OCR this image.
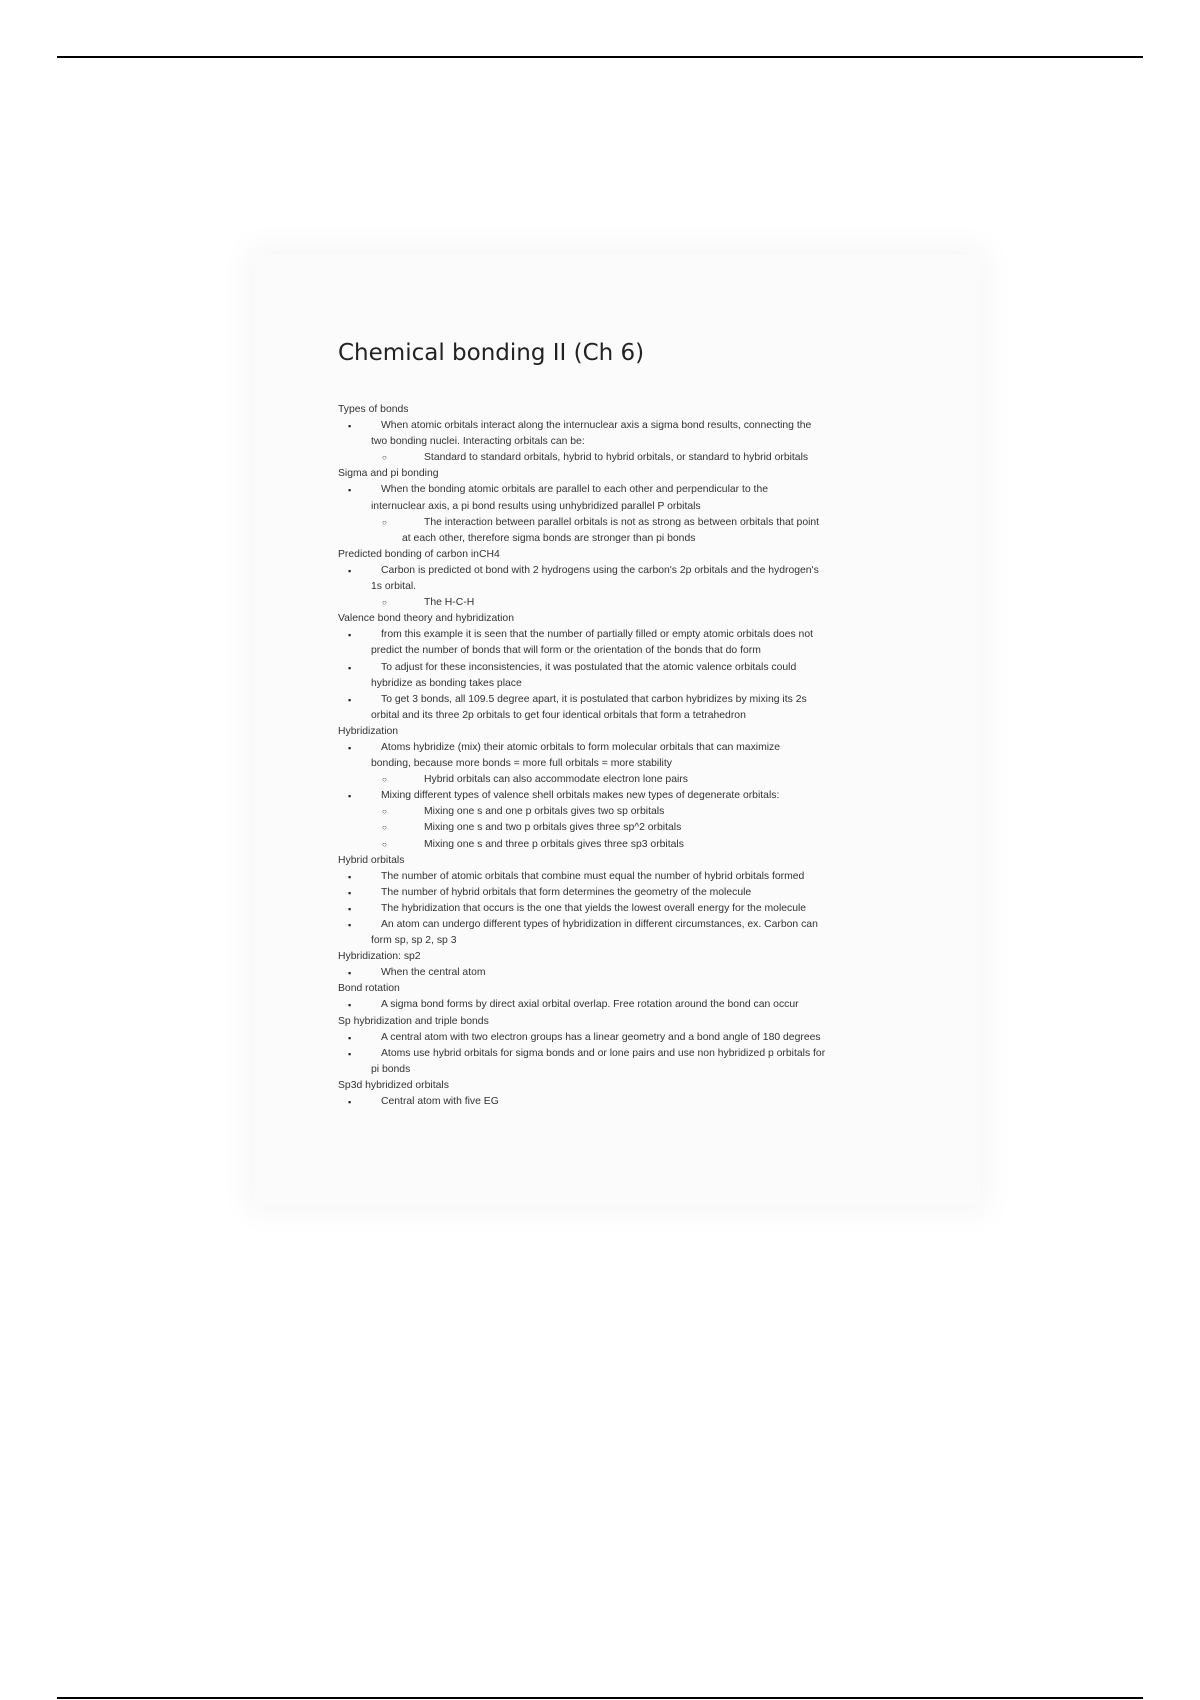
Chemical bonding II (Ch 6)
Types of bonds
▪	When atomic orbitals interact along the internuclear axis a sigma bond results, connecting the
two bonding nuclei. Interacting orbitals can be:
○	Standard to standard orbitals, hybrid to hybrid orbitals, or standard to hybrid orbitals
Sigma and pi bonding
▪	When the bonding atomic orbitals are parallel to each other and perpendicular to the
internuclear axis, a pi bond results using unhybridized parallel P orbitals
○	The interaction between parallel orbitals is not as strong as between orbitals that point
at each other, therefore sigma bonds are stronger than pi bonds
Predicted bonding of carbon inCH4
▪	Carbon is predicted ot bond with 2 hydrogens using the carbon's 2p orbitals and the hydrogen's
1s orbital.
○	The H-C-H
Valence bond theory and hybridization
▪	from this example it is seen that the number of partially filled or empty atomic orbitals does not
predict the number of bonds that will form or the orientation of the bonds that do form
▪	To adjust for these inconsistencies, it was postulated that the atomic valence orbitals could
hybridize as bonding takes place
▪	To get 3 bonds, all 109.5 degree apart, it is postulated that carbon hybridizes by mixing its 2s
orbital and its three 2p orbitals to get four identical orbitals that form a tetrahedron
Hybridization
▪	Atoms hybridize (mix) their atomic orbitals to form molecular orbitals that can maximize
bonding, because more bonds = more full orbitals = more stability
○	Hybrid orbitals can also accommodate electron lone pairs
▪	Mixing different types of valence shell orbitals makes new types of degenerate orbitals:
○	Mixing one s and one p orbitals gives two sp orbitals
○	Mixing one s and two p orbitals gives three sp^2 orbitals
○	Mixing one s and three p orbitals gives three sp3 orbitals
Hybrid orbitals
▪	The number of atomic orbitals that combine must equal the number of hybrid orbitals formed
▪	The number of hybrid orbitals that form determines the geometry of the molecule
▪	The hybridization that occurs is the one that yields the lowest overall energy for the molecule
▪	An atom can undergo different types of hybridization in different circumstances, ex. Carbon can
form sp, sp 2, sp 3
Hybridization: sp2
▪	When the central atom
Bond rotation
▪	A sigma bond forms by direct axial orbital overlap. Free rotation around the bond can occur
Sp hybridization and triple bonds
▪	A central atom with two electron groups has a linear geometry and a bond angle of 180 degrees
▪	Atoms use hybrid orbitals for sigma bonds and or lone pairs and use non hybridized p orbitals for
pi bonds
Sp3d hybridized orbitals
▪	Central atom with five EG
